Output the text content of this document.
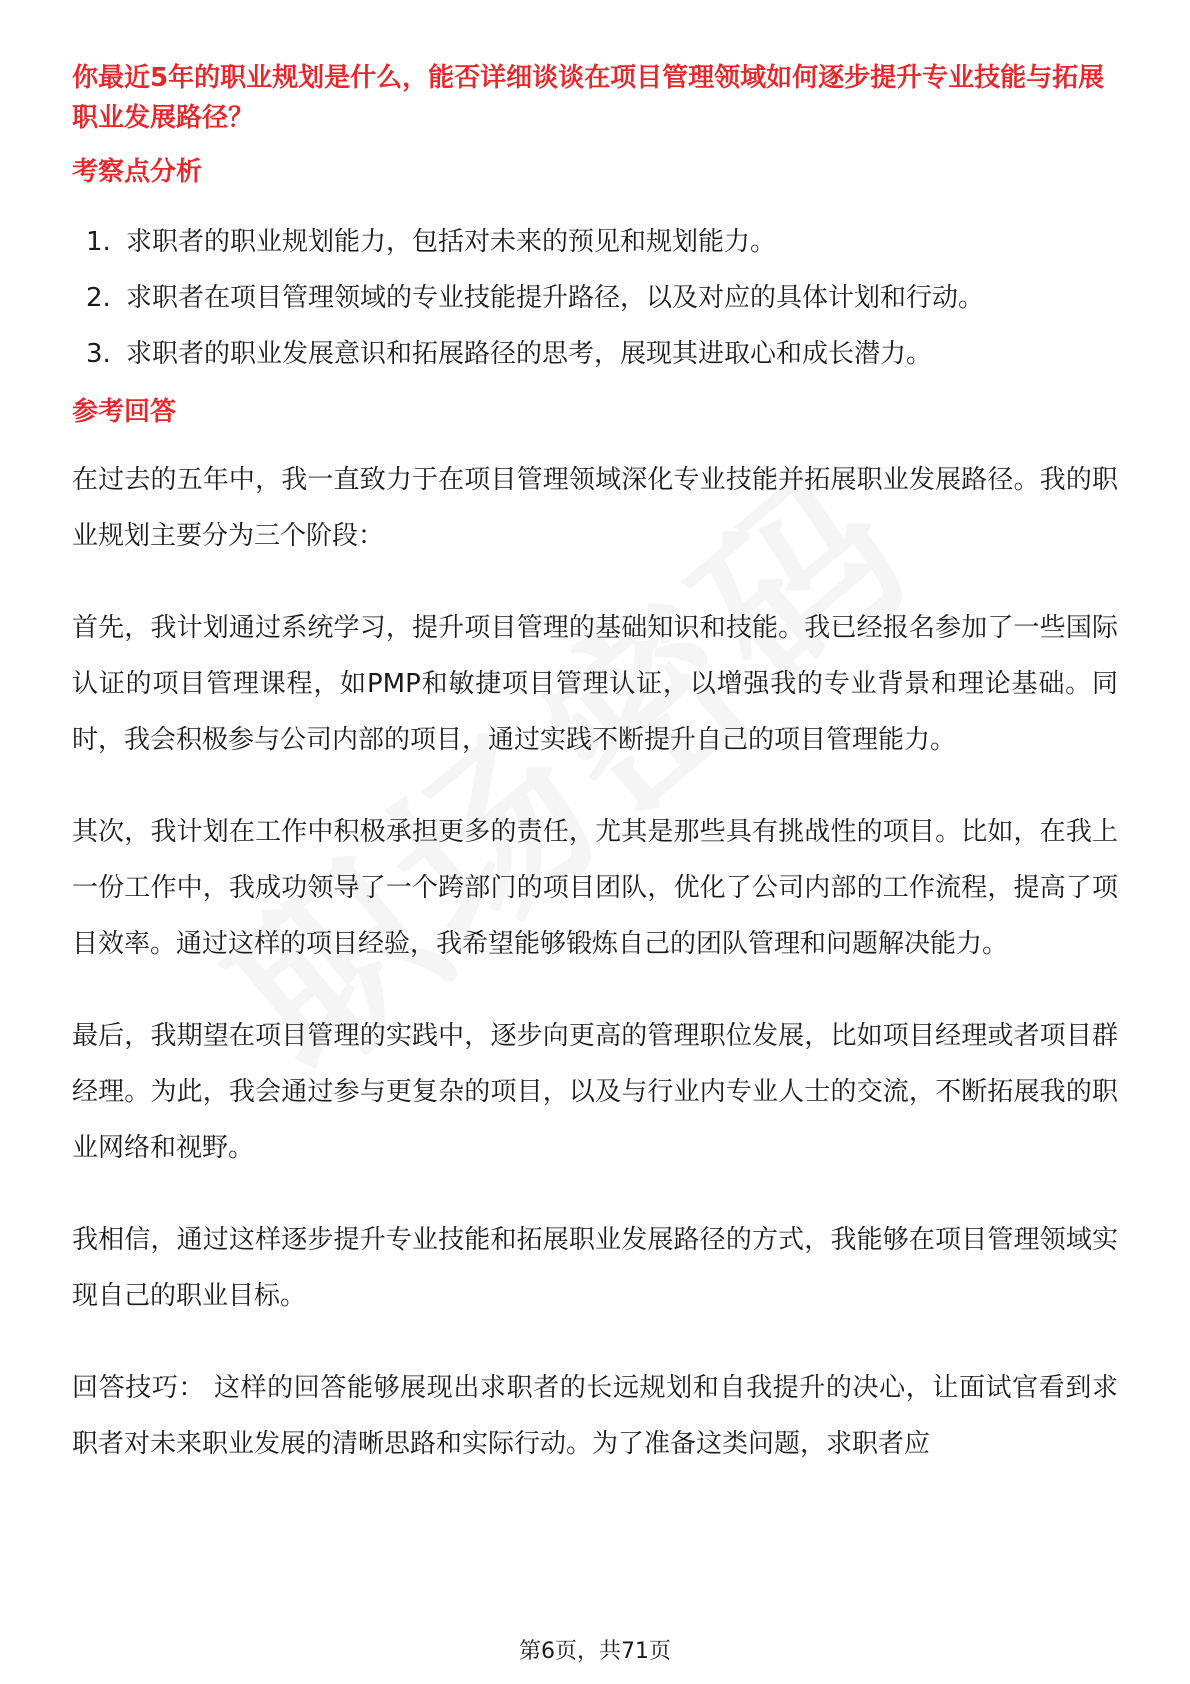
你最近5年的职业规划是什么，能否详细谈谈在项目管理领域如何逐步提升专业技能与拓展职业发展路径？

考察点分析

1. 求职者的职业规划能力，包括对未来的预见和规划能力。
2. 求职者在项目管理领域的专业技能提升路径，以及对应的具体计划和行动。
3. 求职者的职业发展意识和拓展路径的思考，展现其进取心和成长潜力。

参考回答

在过去的五年中，我一直致力于在项目管理领域深化专业技能并拓展职业发展路径。我的职业规划主要分为三个阶段：

首先，我计划通过系统学习，提升项目管理的基础知识和技能。我已经报名参加了一些国际认证的项目管理课程，如PMP和敏捷项目管理认证，以增强我的专业背景和理论基础。同时，我会积极参与公司内部的项目，通过实践不断提升自己的项目管理能力。

其次，我计划在工作中积极承担更多的责任，尤其是那些具有挑战性的项目。比如，在我上一份工作中，我成功领导了一个跨部门的项目团队，优化了公司内部的工作流程，提高了项目效率。通过这样的项目经验，我希望能够锻炼自己的团队管理和问题解决能力。

最后，我期望在项目管理的实践中，逐步向更高的管理职位发展，比如项目经理或者项目群经理。为此，我会通过参与更复杂的项目，以及与行业内专业人士的交流，不断拓展我的职业网络和视野。

我相信，通过这样逐步提升专业技能和拓展职业发展路径的方式，我能够在项目管理领域实现自己的职业目标。

回答技巧： 这样的回答能够展现出求职者的长远规划和自我提升的决心，让面试官看到求职者对未来职业发展的清晰思路和实际行动。为了准备这类问题，求职者应

第6页，共71页
